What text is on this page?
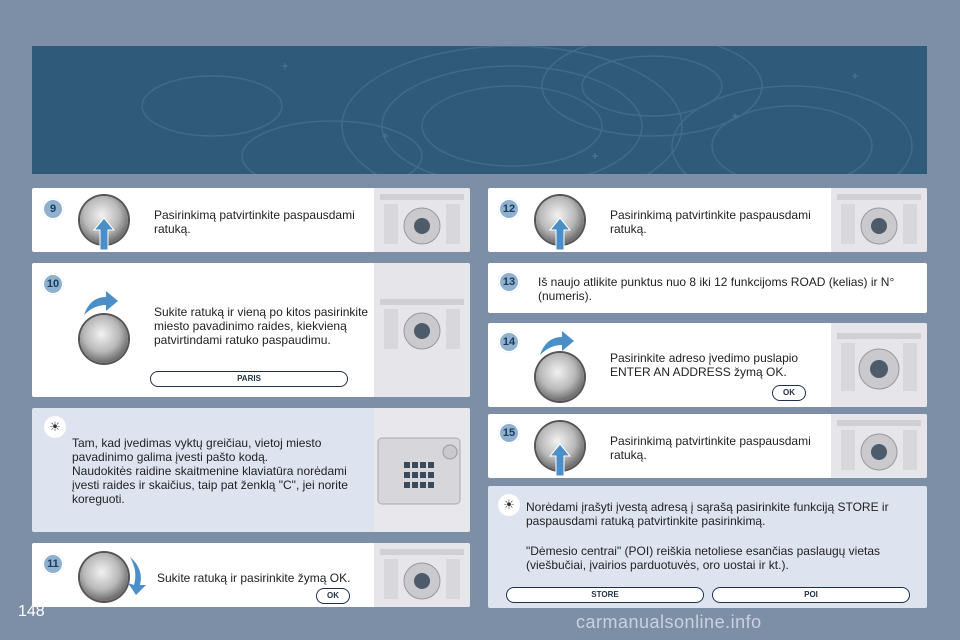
9	Pasirinkimą patvirtinkite paspausdami ratuką.
10
Sukite ratuką ir vieną po kitos pasirinkite miesto pavadinimo raides, kiekvieną patvirtindami ratuko paspaudimu.
PARIS
☀
Tam, kad įvedimas vyktų greičiau, vietoj miesto pavadinimo galima įvesti pašto kodą.
Naudokitės raidine skaitmenine klaviatūra norėdami įvesti raides ir skaičius, taip pat ženklą "C", jei norite koreguoti.
11
Sukite ratuką ir pasirinkite žymą OK.
OK
12	Pasirinkimą patvirtinkite paspausdami ratuką.
13	Iš naujo atlikite punktus nuo 8 iki 12 funkcijoms ROAD (kelias) ir N° (numeris).
14
Pasirinkite adreso įvedimo puslapio ENTER AN ADDRESS žymą OK.
OK
15
Pasirinkimą patvirtinkite paspausdami ratuką.
☀ Norėdami įrašyti įvestą adresą į sąrašą pasirinkite funkciją STORE ir paspausdami ratuką patvirtinkite pasirinkimą.
"Dėmesio centrai" (POI) reiškia netoliese esančias paslaugų vietas (viešbučiai, įvairios parduotuvės, oro uostai ir kt.).
STORE	POI
148
carmanualsonline.info
